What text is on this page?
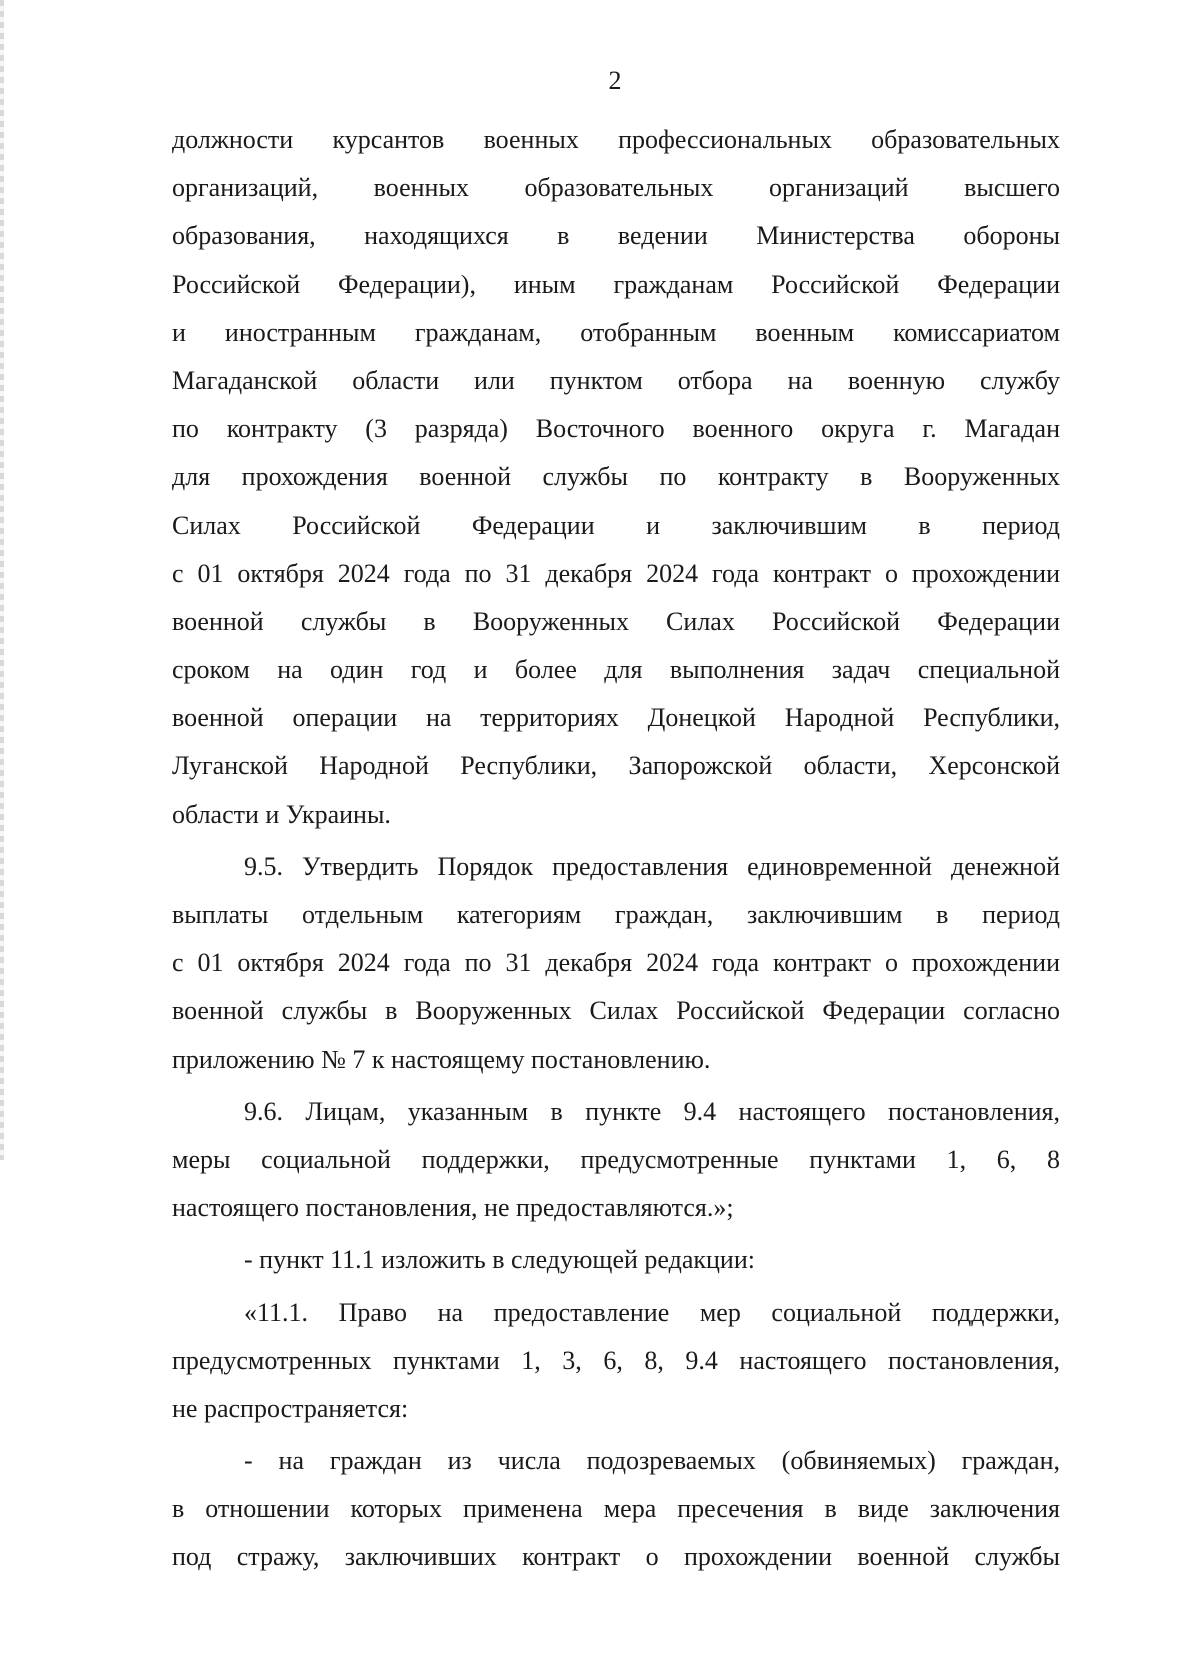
2
должности курсантов военных профессиональных образовательных
организаций, военных образовательных организаций высшего
образования, находящихся в ведении Министерства обороны
Российской Федерации), иным гражданам Российской Федерации
и иностранным гражданам, отобранным военным комиссариатом
Магаданской области или пунктом отбора на военную службу
по контракту (3 разряда) Восточного военного округа г. Магадан
для прохождения военной службы по контракту в Вооруженных
Силах Российской Федерации и заключившим в период
с 01 октября 2024 года по 31 декабря 2024 года контракт о прохождении
военной службы в Вооруженных Силах Российской Федерации
сроком на один год и более для выполнения задач специальной
военной операции на территориях Донецкой Народной Республики,
Луганской Народной Республики, Запорожской области, Херсонской
области и Украины.
9.5. Утвердить Порядок предоставления единовременной денежной
выплаты отдельным категориям граждан, заключившим в период
с 01 октября 2024 года по 31 декабря 2024 года контракт о прохождении
военной службы в Вооруженных Силах Российской Федерации согласно
приложению № 7 к настоящему постановлению.
9.6. Лицам, указанным в пункте 9.4 настоящего постановления,
меры социальной поддержки, предусмотренные пунктами 1, 6, 8
настоящего постановления, не предоставляются.»;
- пункт 11.1 изложить в следующей редакции:
«11.1. Право на предоставление мер социальной поддержки,
предусмотренных пунктами 1, 3, 6, 8, 9.4 настоящего постановления,
не распространяется:
- на граждан из числа подозреваемых (обвиняемых) граждан,
в отношении которых применена мера пресечения в виде заключения
под стражу, заключивших контракт о прохождении военной службы
